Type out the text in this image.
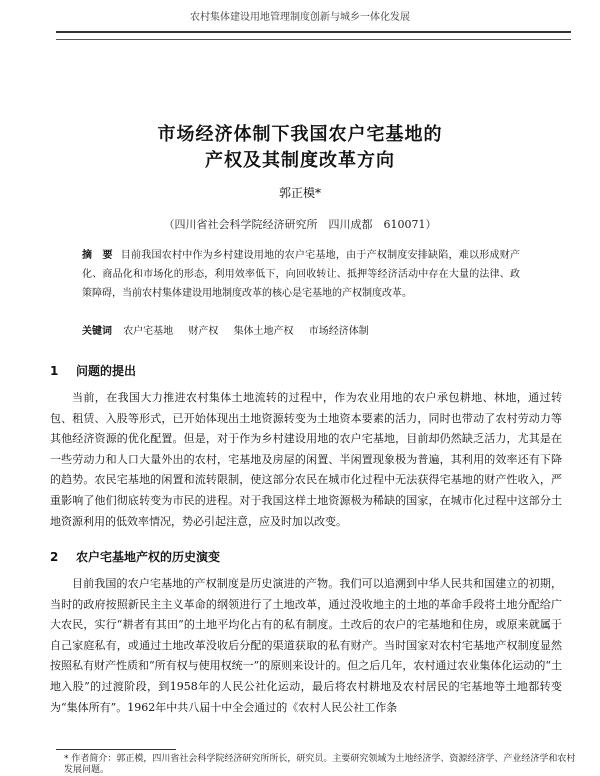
农村集体建设用地管理制度创新与城乡一体化发展
市场经济体制下我国农户宅基地的
产权及其制度改革方向
郭正模*
（四川省社会科学院经济研究所　四川成都　610071）
摘　要 目前我国农村中作为乡村建设用地的农户宅基地，由于产权制度安排缺陷，难以形成财产化、商品化和市场化的形态，利用效率低下，向回收转让、抵押等经济活动中存在大量的法律、政策障碍，当前农村集体建设用地制度改革的核心是宅基地的产权制度改革。
关键词 农户宅基地 财产权 集体土地产权 市场经济体制
1 问题的提出
当前，在我国大力推进农村集体土地流转的过程中，作为农业用地的农户承包耕地、林地，通过转包、租赁、入股等形式，已开始体现出土地资源转变为土地资本要素的活力，同时也带动了农村劳动力等其他经济资源的优化配置。但是，对于作为乡村建设用地的农户宅基地，目前却仍然缺乏活力，尤其是在一些劳动力和人口大量外出的农村，宅基地及房屋的闲置、半闲置现象极为普遍，其利用的效率还有下降的趋势。农民宅基地的闲置和流转限制，使这部分农民在城市化过程中无法获得宅基地的财产性收入，严重影响了他们彻底转变为市民的进程。对于我国这样土地资源极为稀缺的国家，在城市化过程中这部分土地资源利用的低效率情况，势必引起注意，应及时加以改变。
2 农户宅基地产权的历史演变
目前我国的农户宅基地的产权制度是历史演进的产物。我们可以追溯到中华人民共和国建立的初期，当时的政府按照新民主主义革命的纲领进行了土地改革，通过没收地主的土地的革命手段将土地分配给广大农民，实行“耕者有其田”的土地平均化占有的私有制度。土改后的农户的宅基地和住房，或原来就属于自己家庭私有，或通过土地改革没收后分配的渠道获取的私有财产。当时国家对农村宅基地产权制度显然按照私有财产性质和“所有权与使用权统一”的原则来设计的。但之后几年，农村通过农业集体化运动的“土地入股”的过渡阶段，到1958年的人民公社化运动，最后将农村耕地及农村居民的宅基地等土地都转变为“集体所有”。1962年中共八届十中全会通过的《农村人民公社工作条
* 作者简介：郭正模，四川省社会科学院经济研究所所长，研究员。主要研究领域为土地经济学、资源经济学、产业经济学和农村发展问题。
